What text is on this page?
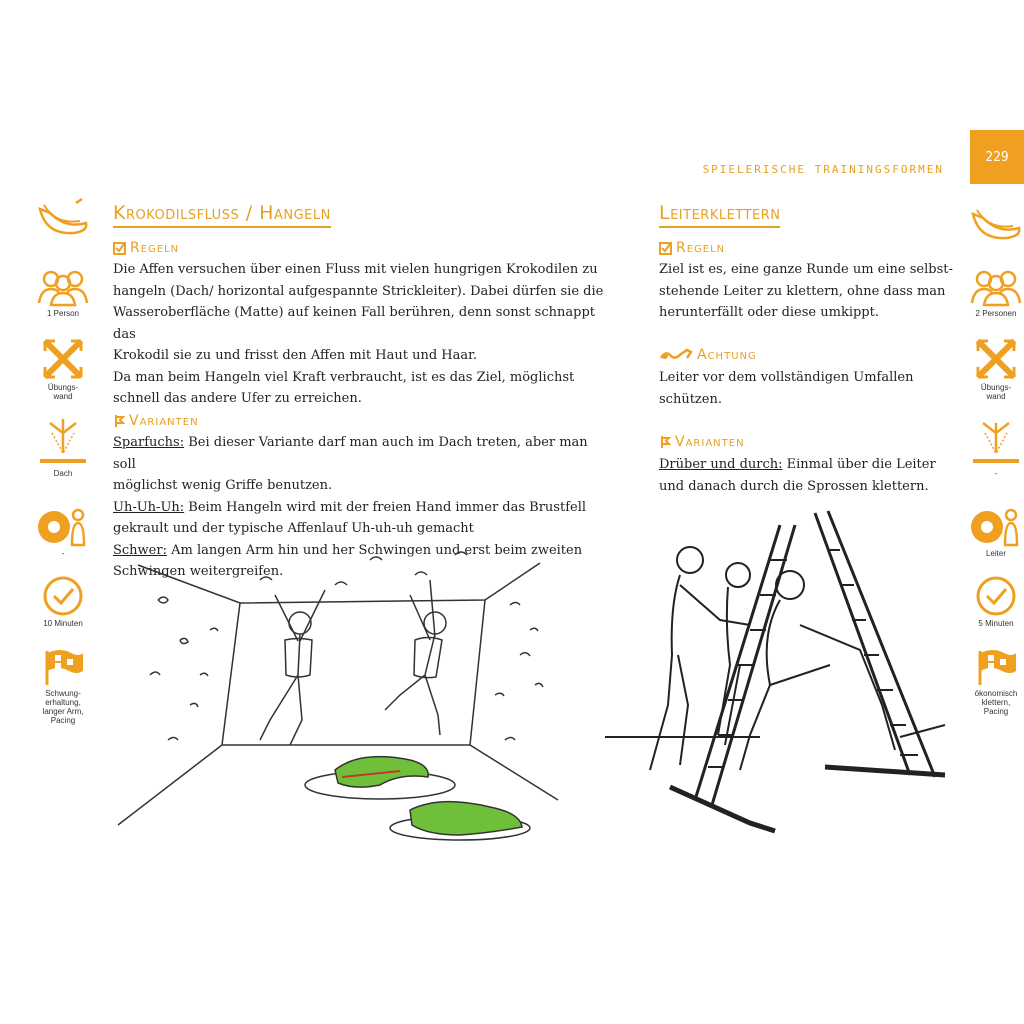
SPIELERISCHE TRAININGSFORMEN
229
1 Person
Übungs-
wand
Dach
-
10 Minuten
Schwung-
erhaltung,
langer Arm,
Pacing
2 Personen
Übungs-
wand
-
Leiter
5 Minuten
ökonomisch
klettern,
Pacing
Krokodilsfluss / Hangeln
Regeln

Die Affen versuchen über einen Fluss mit vielen hungrigen Krokodilen zu

hangeln (Dach/ horizontal aufgespannte Strickleiter). Dabei dürfen sie die

Wasseroberfläche (Matte) auf keinen Fall berühren, denn sonst schnappt das

Krokodil sie zu und frisst den Affen mit Haut und Haar.

Da man beim Hangeln viel Kraft verbraucht, ist es das Ziel, möglichst

schnell das andere Ufer zu erreichen.

Varianten

Sparfuchs: Bei dieser Variante darf man auch im Dach treten, aber man soll

möglichst wenig Griffe benutzen.

Uh-Uh-Uh: Beim Hangeln wird mit der freien Hand immer das Brustfell

gekrault und der typische Affenlauf Uh-uh-uh gemacht

Schwer: Am langen Arm hin und her Schwingen und erst beim zweiten

Schwingen weitergreifen.

Leiterklettern
Regeln

Ziel ist es, eine ganze Runde um eine selbst-

stehende Leiter zu klettern, ohne dass man

herunterfällt oder diese umkippt.

Achtung

Leiter vor dem vollständigen Umfallen

schützen.

Varianten

Drüber und durch: Einmal über die Leiter

und danach durch die Sprossen klettern.
